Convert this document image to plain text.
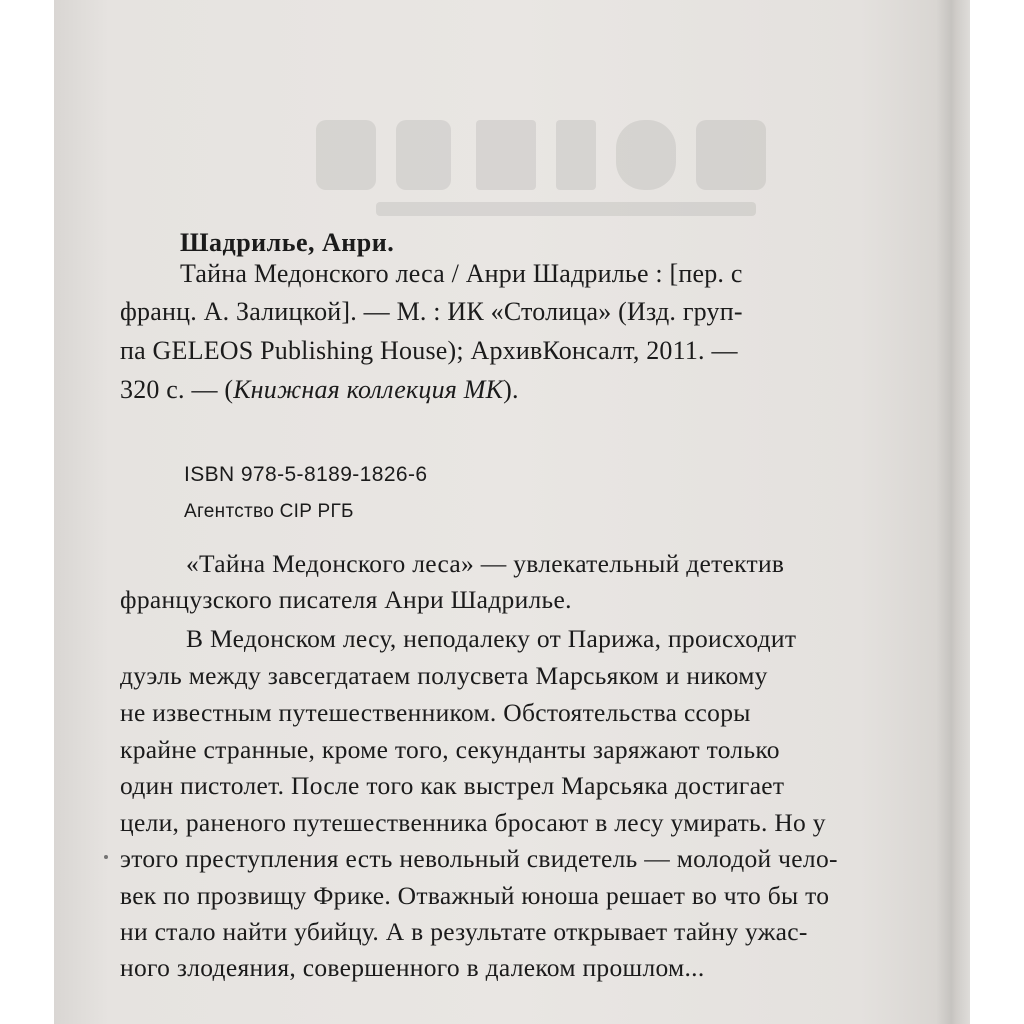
Шадрилье, Анри.

Тайна Медонского леса / Анри Шадрилье : [пер. с

франц. А. Залицкой]. — М. : ИК «Столица» (Изд. груп-

па GELEOS Publishing House); АрхивКонсалт, 2011. —

320 с. — (Книжная коллекция МК).

ISBN 978-5-8189-1826-6

Агентство CIP РГБ

«Тайна Медонского леса» — увлекательный детектив

французского писателя Анри Шадрилье.

В Медонском лесу, неподалеку от Парижа, происходит

дуэль между завсегдатаем полусвета Марсьяком и никому

не известным путешественником. Обстоятельства ссоры

крайне странные, кроме того, секунданты заряжают только

один пистолет. После того как выстрел Марсьяка достигает

цели, раненого путешественника бросают в лесу умирать. Но у

этого преступления есть невольный свидетель — молодой чело-

век по прозвищу Фрике. Отважный юноша решает во что бы то

ни стало найти убийцу. А в результате открывает тайну ужас-

ного злодеяния, совершенного в далеком прошлом...
